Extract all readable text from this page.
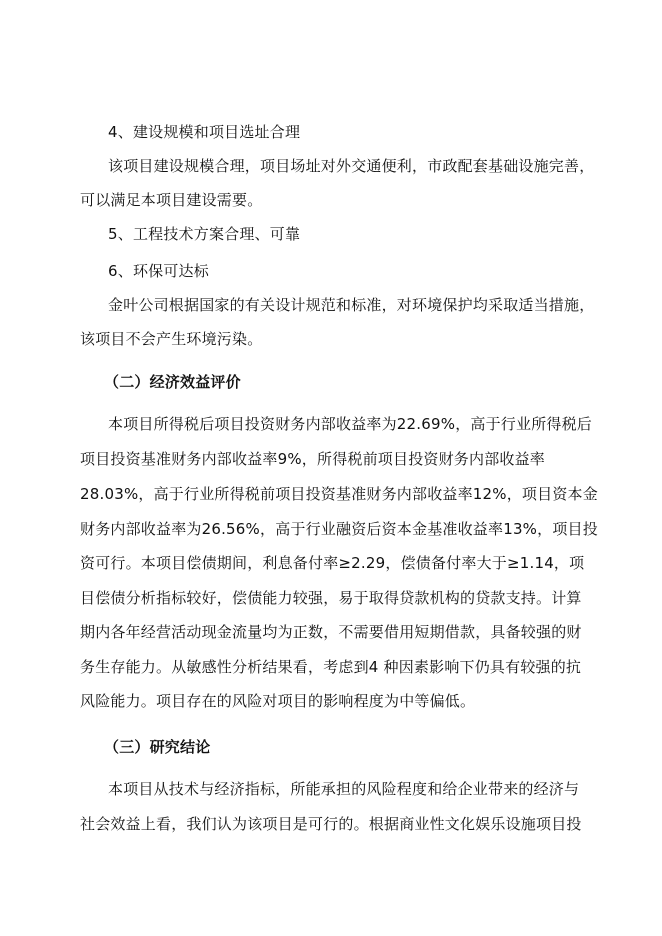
4、建设规模和项目选址合理
该项目建设规模合理，项目场址对外交通便利，市政配套基础设施完善，
可以满足本项目建设需要。
5、工程技术方案合理、可靠
6、环保可达标
金叶公司根据国家的有关设计规范和标准，对环境保护均采取适当措施，
该项目不会产生环境污染。
（二）经济效益评价
本项目所得税后项目投资财务内部收益率为22.69%，高于行业所得税后
项目投资基准财务内部收益率9%，所得税前项目投资财务内部收益率
28.03%，高于行业所得税前项目投资基准财务内部收益率12%，项目资本金
财务内部收益率为26.56%，高于行业融资后资本金基准收益率13%，项目投
资可行。本项目偿债期间，利息备付率≥2.29，偿债备付率大于≥1.14，项
目偿债分析指标较好，偿债能力较强，易于取得贷款机构的贷款支持。计算
期内各年经营活动现金流量均为正数，不需要借用短期借款，具备较强的财
务生存能力。从敏感性分析结果看，考虑到4 种因素影响下仍具有较强的抗
风险能力。项目存在的风险对项目的影响程度为中等偏低。
（三）研究结论
本项目从技术与经济指标，所能承担的风险程度和给企业带来的经济与
社会效益上看，我们认为该项目是可行的。根据商业性文化娱乐设施项目投
